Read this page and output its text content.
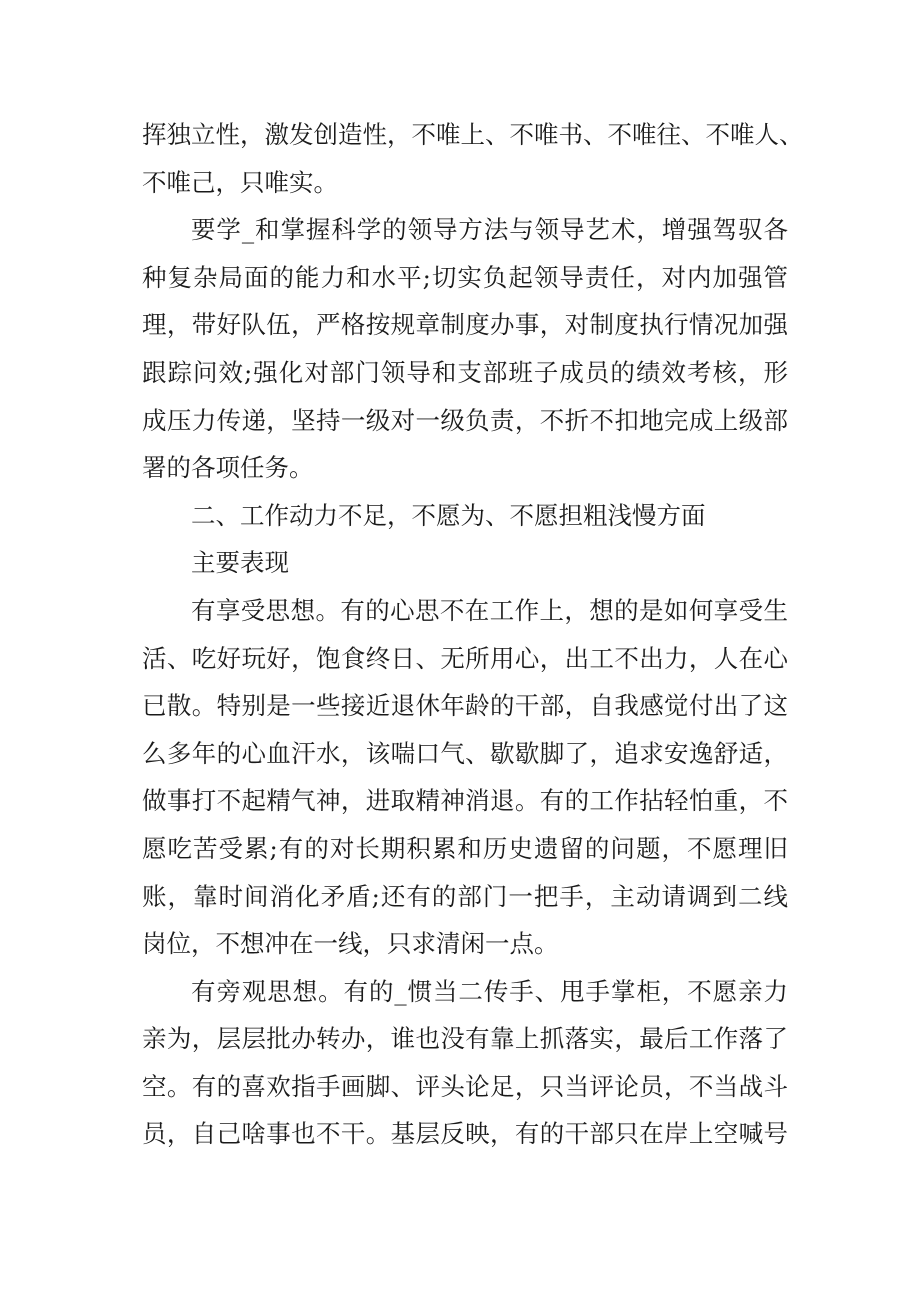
挥独立性，激发创造性，不唯上、不唯书、不唯往、不唯人、
不唯己，只唯实。
要学_和掌握科学的领导方法与领导艺术，增强驾驭各
种复杂局面的能力和水平;切实负起领导责任，对内加强管
理，带好队伍，严格按规章制度办事，对制度执行情况加强
跟踪问效;强化对部门领导和支部班子成员的绩效考核，形
成压力传递，坚持一级对一级负责，不折不扣地完成上级部
署的各项任务。
二、工作动力不足，不愿为、不愿担粗浅慢方面
主要表现
有享受思想。有的心思不在工作上，想的是如何享受生
活、吃好玩好，饱食终日、无所用心，出工不出力，人在心
已散。特别是一些接近退休年龄的干部，自我感觉付出了这
么多年的心血汗水，该喘口气、歇歇脚了，追求安逸舒适，
做事打不起精气神，进取精神消退。有的工作拈轻怕重，不
愿吃苦受累;有的对长期积累和历史遗留的问题，不愿理旧
账，靠时间消化矛盾;还有的部门一把手，主动请调到二线
岗位，不想冲在一线，只求清闲一点。
有旁观思想。有的_惯当二传手、甩手掌柜，不愿亲力
亲为，层层批办转办，谁也没有靠上抓落实，最后工作落了
空。有的喜欢指手画脚、评头论足，只当评论员，不当战斗
员，自己啥事也不干。基层反映，有的干部只在岸上空喊号
